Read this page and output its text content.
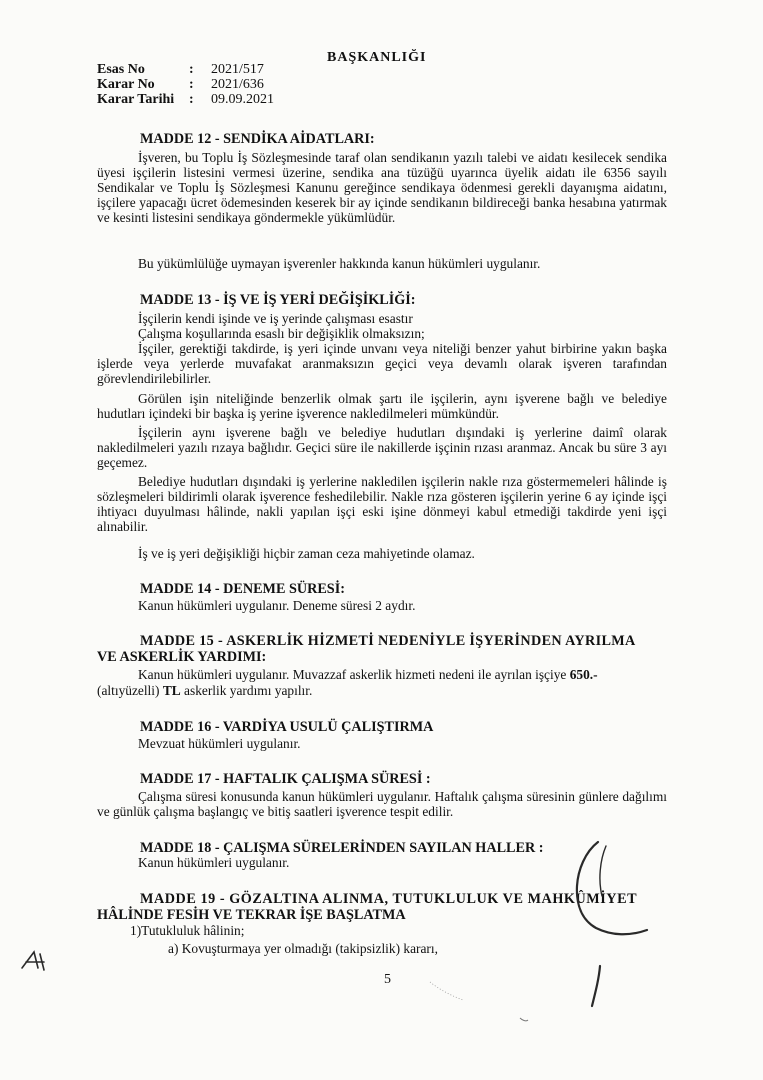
BAŞKANLIĞI
Esas No	: 2021/517
Karar No : 2021/636
Karar Tarihi : 09.09.2021
MADDE 12 - SENDİKA AİDATLARI:
İşveren, bu Toplu İş Sözleşmesinde taraf olan sendikanın yazılı talebi ve aidatı kesilecek sendika üyesi işçilerin listesini vermesi üzerine, sendika ana tüzüğü uyarınca üyelik aidatı ile 6356 sayılı Sendikalar ve Toplu İş Sözleşmesi Kanunu gereğince sendikaya ödenmesi gerekli dayanışma aidatını, işçilere yapacağı ücret ödemesinden keserek bir ay içinde sendikanın bildireceği banka hesabına yatırmak ve kesinti listesini sendikaya göndermekle yükümlüdür.
Bu yükümlülüğe uymayan işverenler hakkında kanun hükümleri uygulanır.
MADDE 13 - İŞ VE İŞ YERİ DEĞİŞİKLİĞİ:
İşçilerin kendi işinde ve iş yerinde çalışması esastır
Çalışma koşullarında esaslı bir değişiklik olmaksızın;
İşçiler, gerektiği takdirde, iş yeri içinde unvanı veya niteliği benzer yahut birbirine yakın başka işlerde veya yerlerde muvafakat aranmaksızın geçici veya devamlı olarak işveren tarafından görevlendirilebilirler.
Görülen işin niteliğinde benzerlik olmak şartı ile işçilerin, aynı işverene bağlı ve belediye hudutları içindeki bir başka iş yerine işverence nakledilmeleri mümkündür.
İşçilerin aynı işverene bağlı ve belediye hudutları dışındaki iş yerlerine daimî olarak nakledilmeleri yazılı rızaya bağlıdır. Geçici süre ile nakillerde işçinin rızası aranmaz. Ancak bu süre 3 ayı geçemez.
Belediye hudutları dışındaki iş yerlerine nakledilen işçilerin nakle rıza göstermemeleri hâlinde iş sözleşmeleri bildirimli olarak işverence feshedilebilir. Nakle rıza gösteren işçilerin yerine 6 ay içinde işçi ihtiyacı duyulması hâlinde, nakli yapılan işçi eski işine dönmeyi kabul etmediği takdirde yeni işçi alınabilir.
İş ve iş yeri değişikliği hiçbir zaman ceza mahiyetinde olamaz.
MADDE 14 - DENEME SÜRESİ:
Kanun hükümleri uygulanır. Deneme süresi 2 aydır.
MADDE 15 - ASKERLİK HİZMETİ NEDENİYLE İŞYERİNDEN AYRILMA
VE ASKERLİK YARDIMI:
Kanun hükümleri uygulanır. Muvazzaf askerlik hizmeti nedeni ile ayrılan işçiye 650.-
(altıyüzelli) TL askerlik yardımı yapılır.
MADDE 16 - VARDİYA USULÜ ÇALIŞTIRMA
Mevzuat hükümleri uygulanır.
MADDE 17 - HAFTALIK ÇALIŞMA SÜRESİ :
Çalışma süresi konusunda kanun hükümleri uygulanır. Haftalık çalışma süresinin günlere dağılımı ve günlük çalışma başlangıç ve bitiş saatleri işverence tespit edilir.
MADDE 18 - ÇALIŞMA SÜRELERİNDEN SAYILAN HALLER :
Kanun hükümleri uygulanır.
MADDE 19 - GÖZALTINA ALINMA, TUTUKLULUK VE MAHKÛMİYET
HÂLİNDE FESİH VE TEKRAR İŞE BAŞLATMA
1)Tutukluluk hâlinin;
a) Kovuşturmaya yer olmadığı (takipsizlik) kararı,
5
